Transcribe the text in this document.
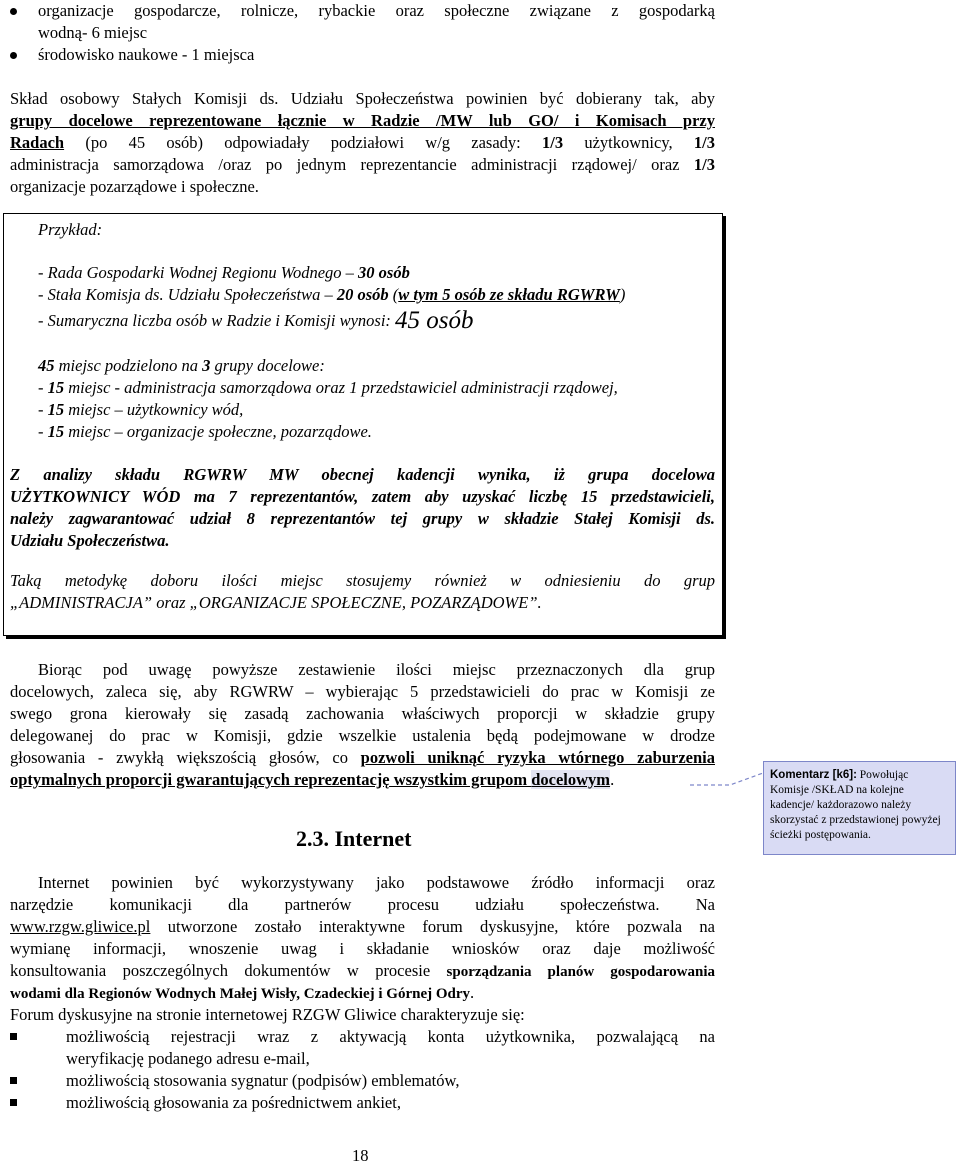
organizacje gospodarcze, rolnicze, rybackie oraz społeczne związane z gospodarką
wodną- 6 miejsc
środowisko naukowe - 1 miejsca
Skład osobowy Stałych Komisji ds. Udziału Społeczeństwa powinien być dobierany tak, aby
grupy docelowe reprezentowane łącznie w Radzie /MW lub GO/ i Komisach przy
Radach (po 45 osób) odpowiadały podziałowi w/g zasady: 1/3 użytkownicy, 1/3
administracja samorządowa /oraz po jednym reprezentancie administracji rządowej/ oraz 1/3
organizacje pozarządowe i społeczne.
Przykład:
- Rada Gospodarki Wodnej Regionu Wodnego – 30 osób
- Stała Komisja ds. Udziału Społeczeństwa – 20 osób (w tym 5 osób ze składu RGWRW)
- Sumaryczna liczba osób w Radzie i Komisji wynosi: 45 osób
45 miejsc podzielono na 3 grupy docelowe:
- 15 miejsc - administracja samorządowa oraz 1 przedstawiciel administracji rządowej,
- 15 miejsc – użytkownicy wód,
- 15 miejsc – organizacje społeczne, pozarządowe.
Z analizy składu RGWRW MW obecnej kadencji wynika, iż grupa docelowa
UŻYTKOWNICY WÓD ma 7 reprezentantów, zatem aby uzyskać liczbę 15 przedstawicieli,
należy zagwarantować udział 8 reprezentantów tej grupy w składzie Stałej Komisji ds.
Udziału Społeczeństwa.
Taką metodykę doboru ilości miejsc stosujemy również w odniesieniu do grup
„ADMINISTRACJA” oraz „ORGANIZACJE SPOŁECZNE, POZARZĄDOWE”.
Biorąc pod uwagę powyższe zestawienie ilości miejsc przeznaczonych dla grup
docelowych, zaleca się, aby RGWRW – wybierając 5 przedstawicieli do prac w Komisji ze
swego grona kierowały się zasadą zachowania właściwych proporcji w składzie grupy
delegowanej do prac w Komisji, gdzie wszelkie ustalenia będą podejmowane w drodze
głosowania - zwykłą większością głosów, co pozwoli uniknąć ryzyka wtórnego zaburzenia
optymalnych proporcji gwarantujących reprezentację wszystkim grupom docelowym.	Komentarz [k6]: Powołując Komisje /SKŁAD na kolejne kadencje/ każdorazowo należy skorzystać z przedstawionej powyżej ścieżki postępowania.
2.3. Internet
Internet powinien być wykorzystywany jako podstawowe źródło informacji oraz
narzędzie komunikacji dla partnerów procesu udziału społeczeństwa. Na
www.rzgw.gliwice.pl utworzone zostało interaktywne forum dyskusyjne, które pozwala na
wymianę informacji, wnoszenie uwag i składanie wniosków oraz daje możliwość
konsultowania poszczególnych dokumentów w procesie sporządzania planów gospodarowania
wodami dla Regionów Wodnych Małej Wisły, Czadeckiej i Górnej Odry.
Forum dyskusyjne na stronie internetowej RZGW Gliwice charakteryzuje się:
możliwością rejestracji wraz z aktywacją konta użytkownika, pozwalającą na
weryfikację podanego adresu e-mail,
możliwością stosowania sygnatur (podpisów) emblematów,
możliwością głosowania za pośrednictwem ankiet,
18
